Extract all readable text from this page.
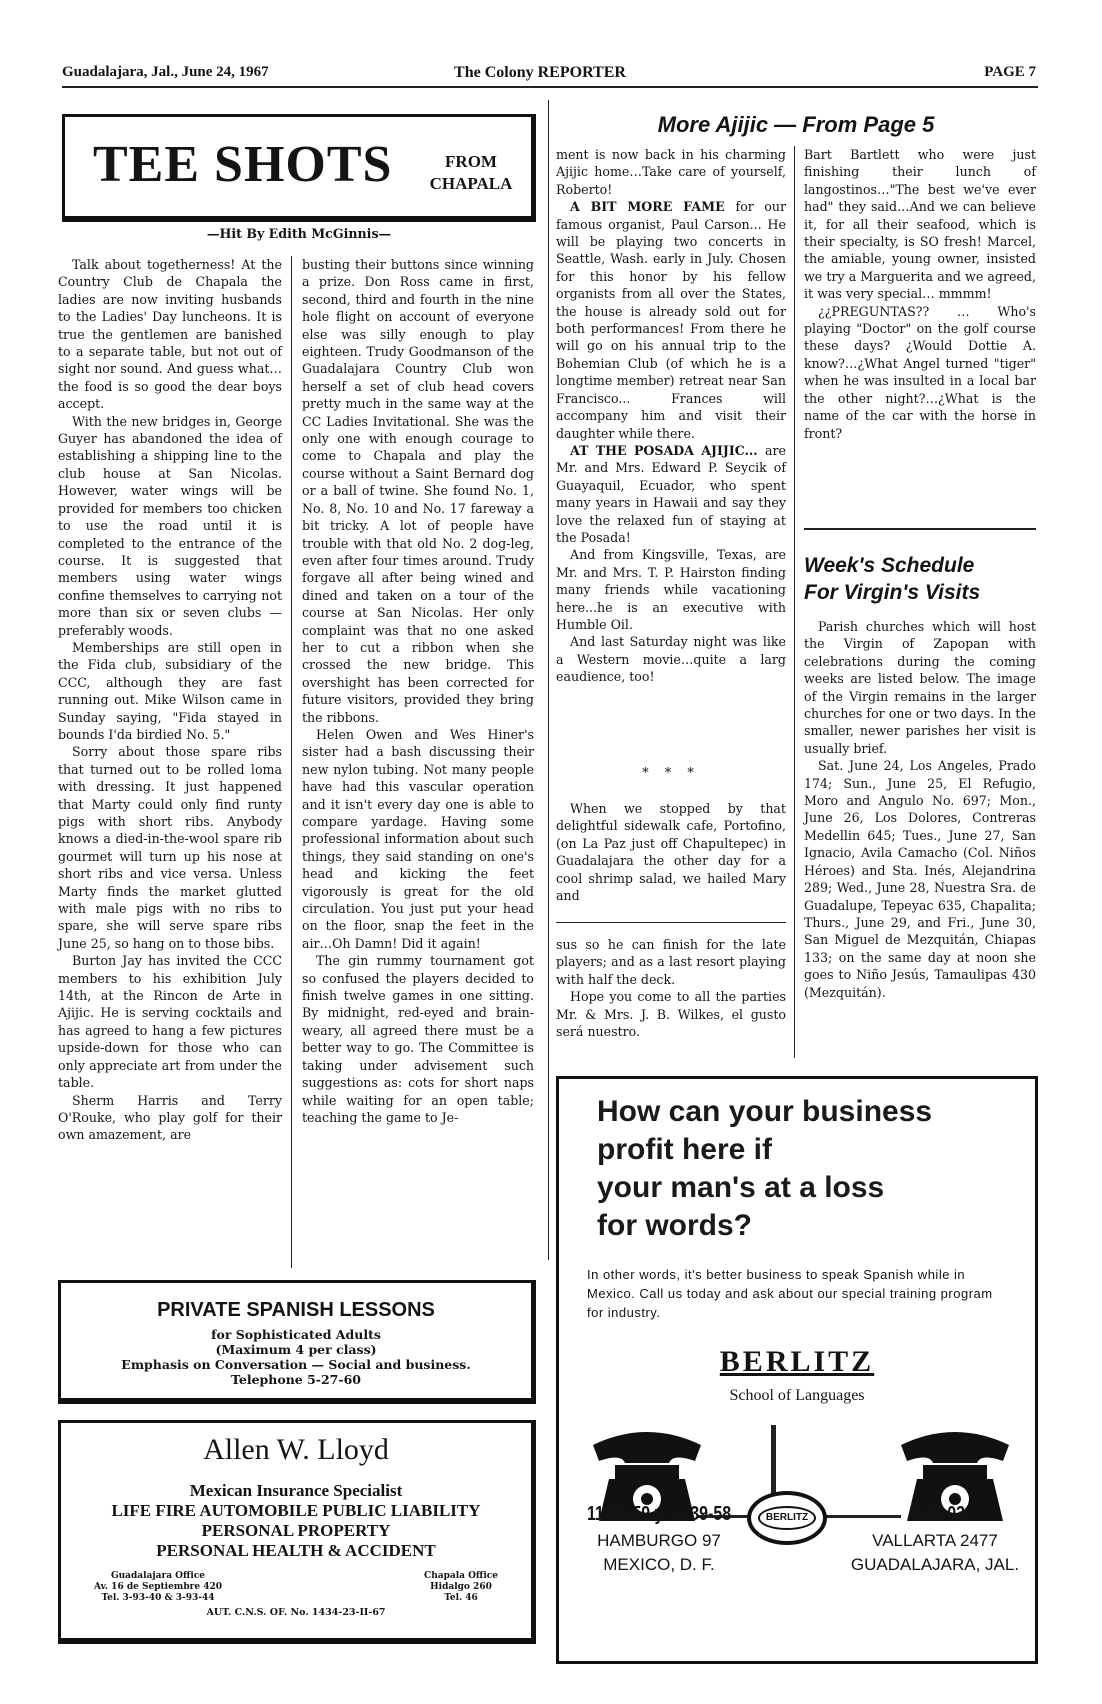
Guadalajara, Jal., June 24, 1967	The Colony REPORTER	PAGE 7
TEE SHOTS	FROM
CHAPALA
—Hit By Edith McGinnis—

Talk about togetherness! At the Country Club de Chapala the ladies are now inviting husbands to the Ladies' Day luncheons. It is true the gentlemen are banished to a separate table, but not out of sight nor sound. And guess what…the food is so good the dear boys accept.

With the new bridges in, George Guyer has abandoned the idea of establishing a shipping line to the club house at San Nicolas. However, water wings will be provided for members too chicken to use the road until it is completed to the entrance of the course. It is suggested that members using water wings confine themselves to carrying not more than six or seven clubs — preferably woods.

Memberships are still open in the Fida club, subsidiary of the CCC, although they are fast running out. Mike Wilson came in Sunday saying, "Fida stayed in bounds I'da birdied No. 5."

Sorry about those spare ribs that turned out to be rolled loma with dressing. It just happened that Marty could only find runty pigs with short ribs. Anybody knows a died-in-the-wool spare rib gourmet will turn up his nose at short ribs and vice versa. Unless Marty finds the market glutted with male pigs with no ribs to spare, she will serve spare ribs June 25, so hang on to those bibs.

Burton Jay has invited the CCC members to his exhibition July 14th, at the Rincon de Arte in Ajijic. He is serving cocktails and has agreed to hang a few pictures upside-down for those who can only appreciate art from under the table.

Sherm Harris and Terry O'Rouke, who play golf for their own amazement, are

busting their buttons since winning a prize. Don Ross came in first, second, third and fourth in the nine hole flight on account of everyone else was silly enough to play eighteen. Trudy Goodmanson of the Guadalajara Country Club won herself a set of club head covers pretty much in the same way at the CC Ladies Invitational. She was the only one with enough courage to come to Chapala and play the course without a Saint Bernard dog or a ball of twine. She found No. 1, No. 8, No. 10 and No. 17 fareway a bit tricky. A lot of people have trouble with that old No. 2 dog-leg, even after four times around. Trudy forgave all after being wined and dined and taken on a tour of the course at San Nicolas. Her only complaint was that no one asked her to cut a ribbon when she crossed the new bridge. This overshight has been corrected for future visitors, provided they bring the ribbons.

Helen Owen and Wes Hiner's sister had a bash discussing their new nylon tubing. Not many people have had this vascular operation and it isn't every day one is able to compare yardage. Having some professional information about such things, they said standing on one's head and kicking the feet vigorously is great for the old circulation. You just put your head on the floor, snap the feet in the air…Oh Damn! Did it again!

The gin rummy tournament got so confused the players decided to finish twelve games in one sitting. By midnight, red-eyed and brain-weary, all agreed there must be a better way to go. The Committee is taking under advisement such suggestions as: cots for short naps while waiting for an open table; teaching the game to Je-

More Ajijic — From Page 5

ment is now back in his charming Ajijic home…Take care of yourself, Roberto!

A BIT MORE FAME for our famous organist, Paul Carson... He will be playing two concerts in Seattle, Wash. early in July. Chosen for this honor by his fellow organists from all over the States, the house is already sold out for both performances! From there he will go on his annual trip to the Bohemian Club (of which he is a longtime member) retreat near San Francisco... Frances will accompany him and visit their daughter while there.

AT THE POSADA AJIJIC... are Mr. and Mrs. Edward P. Seycik of Guayaquil, Ecuador, who spent many years in Hawaii and say they love the relaxed fun of staying at the Posada!

And from Kingsville, Texas, are Mr. and Mrs. T. P. Hairston finding many friends while vacationing here...he is an executive with Humble Oil.

And last Saturday night was like a Western movie…quite a larg eaudience, too!

* * *

When we stopped by that delightful sidewalk cafe, Portofino, (on La Paz just off Chapultepec) in Guadalajara the other day for a cool shrimp salad, we hailed Mary and

sus so he can finish for the late players; and as a last resort playing with half the deck.

Hope you come to all the parties Mr. & Mrs. J. B. Wilkes, el gusto será nuestro.

Bart Bartlett who were just finishing their lunch of langostinos…"The best we've ever had" they said…And we can believe it, for all their seafood, which is their specialty, is SO fresh! Marcel, the amiable, young owner, insisted we try a Marguerita and we agreed, it was very special… mmmm!

¿¿PREGUNTAS?? … Who's playing "Doctor" on the golf course these days? ¿Would Dottie A. know?…¿What Angel turned "tiger" when he was insulted in a local bar the other night?…¿What is the name of the car with the horse in front?

Week's Schedule
For Virgin's Visits

Parish churches which will host the Virgin of Zapopan with celebrations during the coming weeks are listed below. The image of the Virgin remains in the larger churches for one or two days. In the smaller, newer parishes her visit is usually brief.

Sat. June 24, Los Angeles, Prado 174; Sun., June 25, El Refugio, Moro and Angulo No. 697; Mon., June 26, Los Dolores, Contreras Medellin 645; Tues., June 27, San Ignacio, Avila Camacho (Col. Niños Héroes) and Sta. Inés, Alejandrina 289; Wed., June 28, Nuestra Sra. de Guadalupe, Tepeyac 635, Chapalita; Thurs., June 29, and Fri., June 30, San Miguel de Mezquitán, Chiapas 133; on the same day at noon she goes to Niño Jesús, Tamaulipas 430 (Mezquitán).

PRIVATE SPANISH LESSONS
for Sophisticated Adults
(Maximum 4 per class)
Emphasis on Conversation — Social and business.
Telephone 5-27-60
Allen W. Lloyd
Mexican Insurance Specialist
LIFE FIRE AUTOMOBILE PUBLIC LIABILITY
PERSONAL PROPERTY
PERSONAL HEALTH & ACCIDENT
Guadalajara Office
Av. 16 de Septiembre 420
Tel. 3-93-40 & 3-93-44
Chapala Office
Hidalgo 260
Tel. 46
AUT. C.N.S. OF. No. 1434-23-II-67
How can your business
profit here if
your man's at a loss
for words?
In other words, it's better business to speak Spanish while in Mexico. Call us today and ask about our special training program for industry.
BERLITZ
School of Languages
BERLITZ
11-39-59 y 11-39-58
HAMBURGO 97
MEXICO, D. F.
5-85-03
VALLARTA 2477
GUADALAJARA, JAL.
